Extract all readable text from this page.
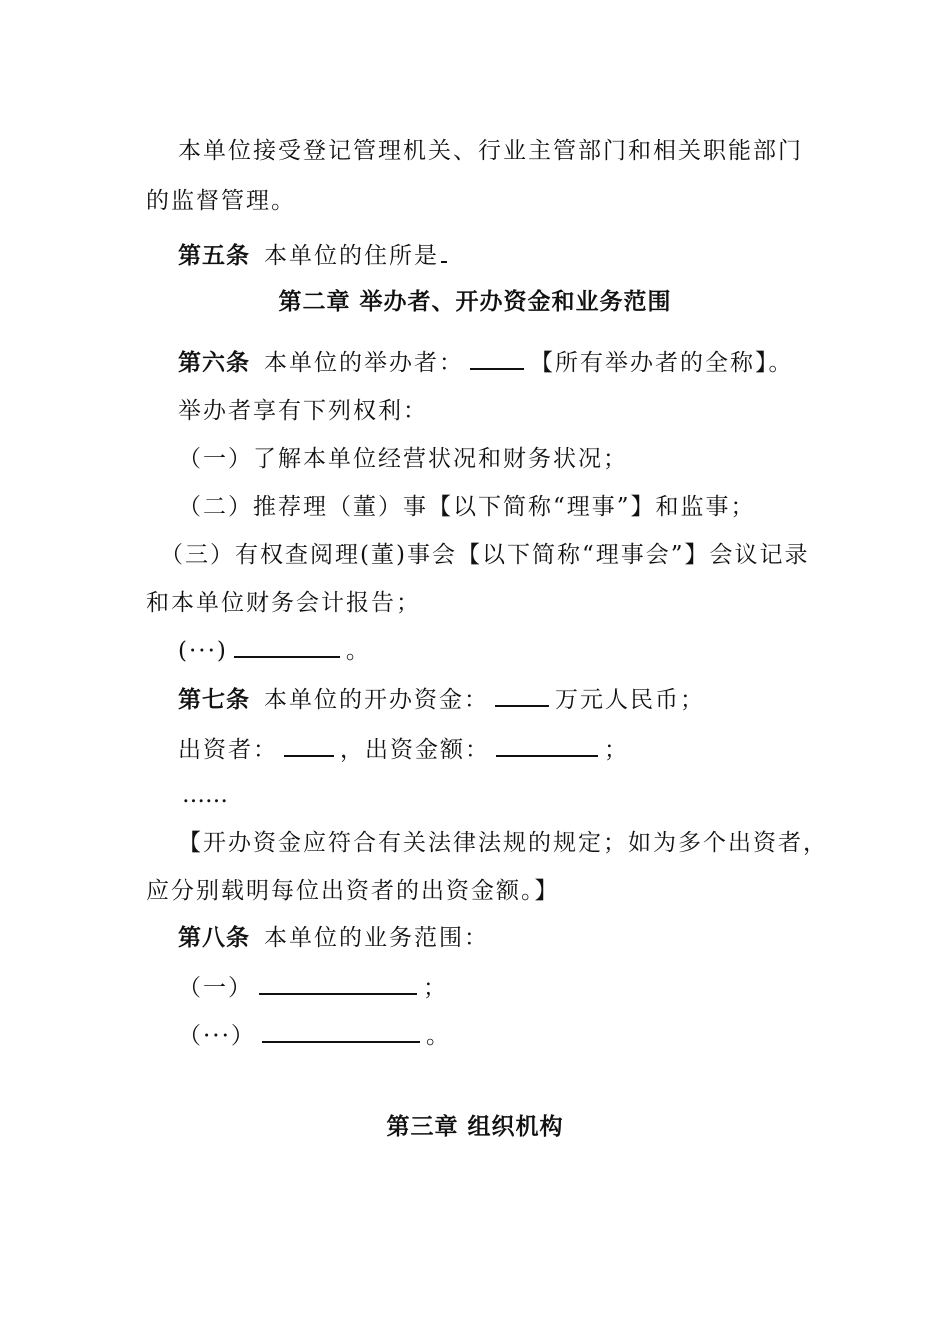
本单位接受登记管理机关、行业主管部门和相关职能部门
的监督管理。
第五条 本单位的住所是
第二章 举办者、开办资金和业务范围
第六条 本单位的举办者：	【所有举办者的全称】。
举办者享有下列权利：
（一）了解本单位经营状况和财务状况；
（二）推荐理（董）事【以下简称“理事”】和监事；
（三）有权查阅理(董)事会【以下简称“理事会”】会议记录
和本单位财务会计报告；
(···)	。
第七条 本单位的开办资金：	万元人民币；
出资者：	，出资金额：	；
……
【开办资金应符合有关法律法规的规定；如为多个出资者，
应分别载明每位出资者的出资金额。】
第八条 本单位的业务范围：
（一）	；
（···）	。
第三章 组织机构
